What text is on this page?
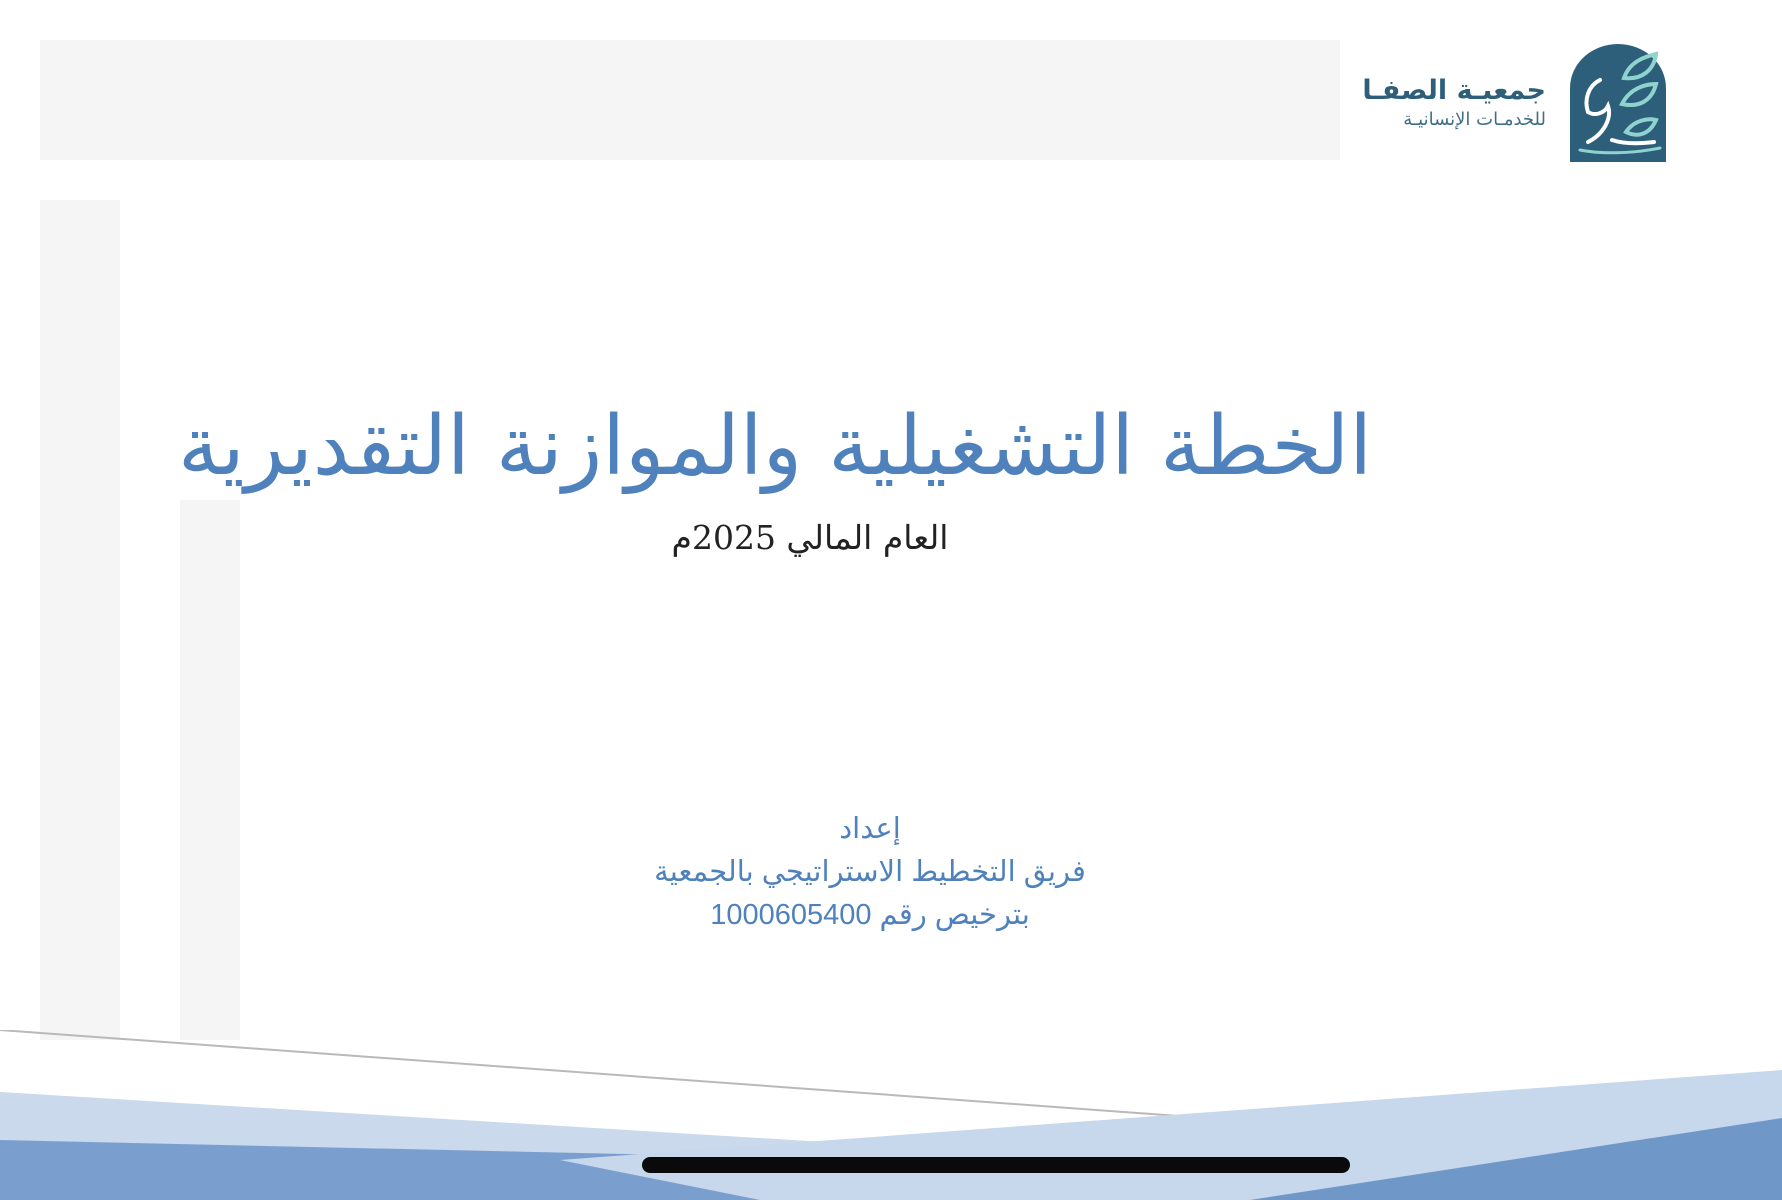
جمعيـة الصفـا
للخدمـات الإنسانيـة
الخطة التشغيلية والموازنة التقديرية
العام المالي 2025م
إعداد
فريق التخطيط الاستراتيجي بالجمعية
بترخيص رقم 1000605400
